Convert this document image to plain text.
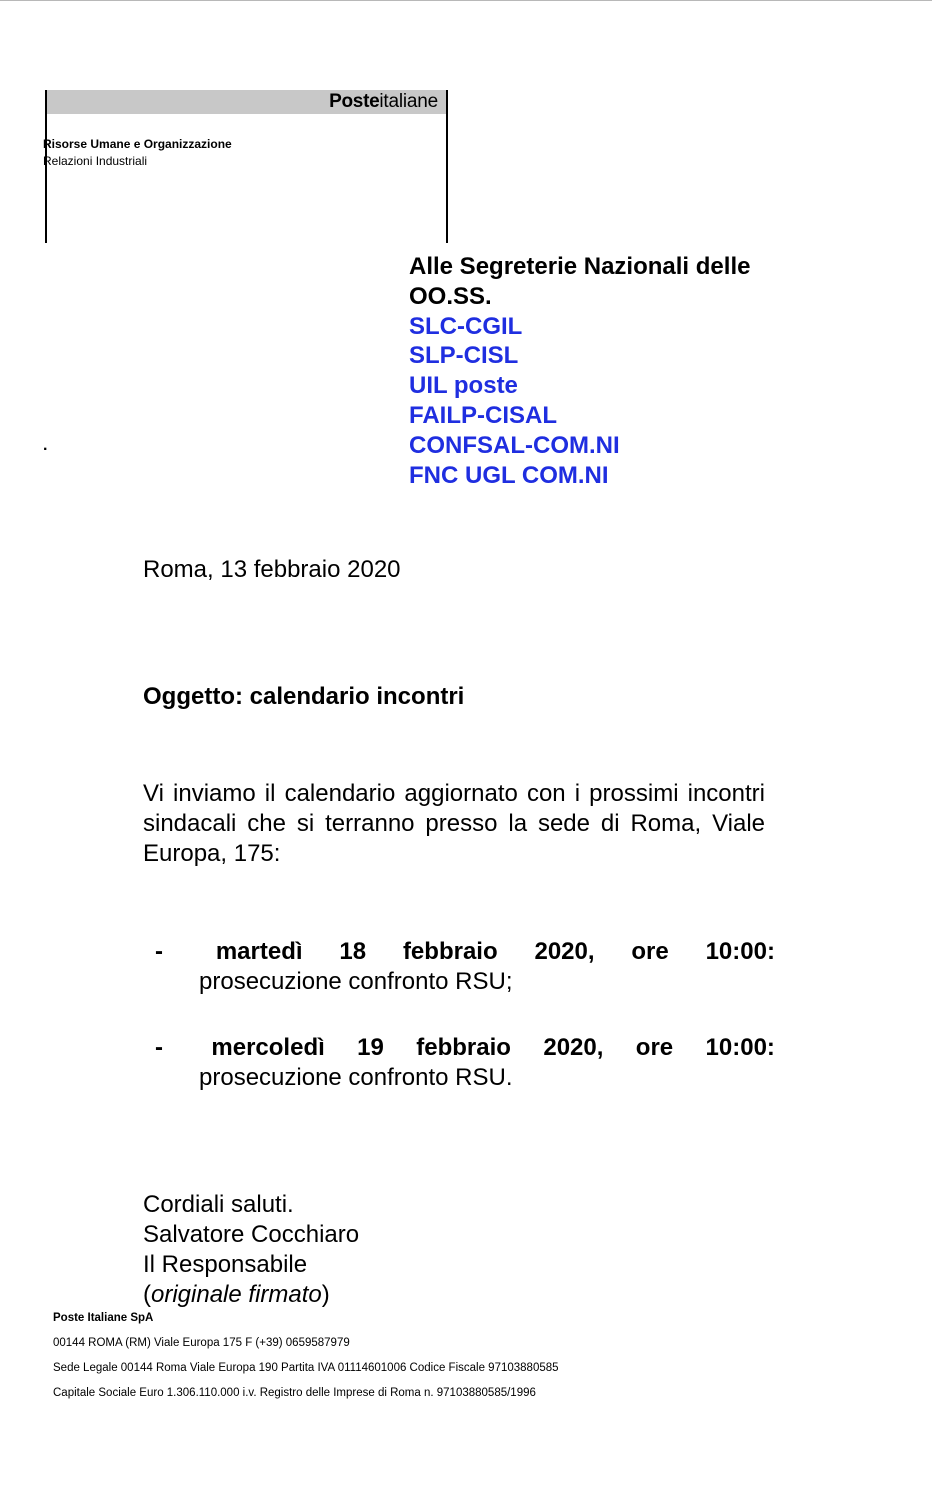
Posteitaliane
Risorse Umane e Organizzazione
Relazioni Industriali
.
Alle Segreterie Nazionali delle
OO.SS.
SLC-CGIL
SLP-CISL
UIL poste
FAILP-CISAL
CONFSAL-COM.NI
FNC UGL COM.NI
Roma, 13 febbraio 2020
Oggetto: calendario incontri
Vi inviamo il calendario aggiornato con i prossimi incontri sindacali che si terranno presso la sede di Roma, Viale Europa, 175:
-	martedì 18 febbraio 2020, ore 10:00:
prosecuzione confronto RSU;
-	mercoledì 19 febbraio 2020, ore 10:00:
prosecuzione confronto RSU.
Cordiali saluti.
Salvatore Cocchiaro
Il Responsabile
(originale firmato)
Poste Italiane SpA
00144 ROMA (RM) Viale Europa 175 F (+39) 0659587979
Sede Legale 00144 Roma Viale Europa 190 Partita IVA 01114601006 Codice Fiscale 97103880585
Capitale Sociale Euro 1.306.110.000 i.v. Registro delle Imprese di Roma n. 97103880585/1996
